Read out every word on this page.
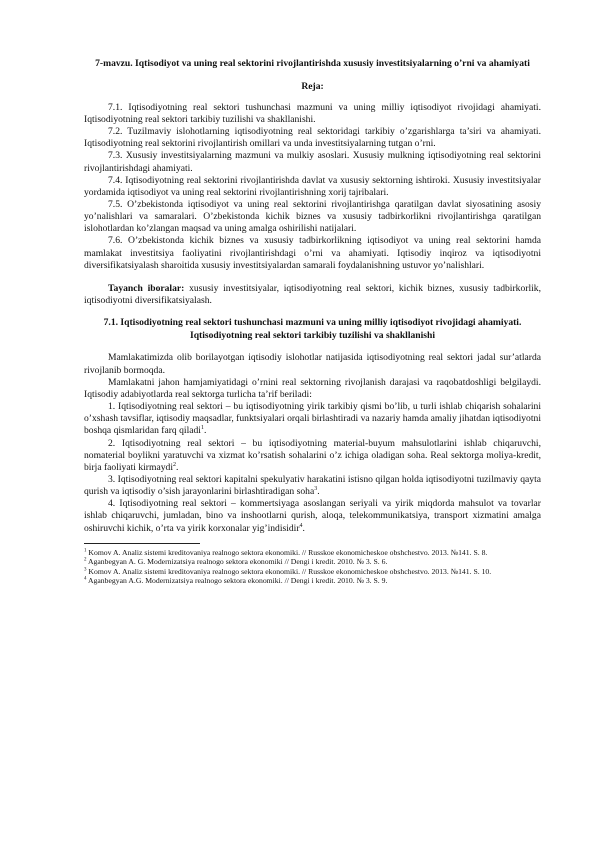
7-mavzu. Iqtisodiyot va uning real sektorini rivojlantirishda xususiy investitsiyalarning o’rni va ahamiyati

Reja:

7.1. Iqtisodiyotning real sektori tushunchasi mazmuni va uning milliy iqtisodiyot rivojidagi ahamiyati. Iqtisodiyotning real sektori tarkibiy tuzilishi va shakllanishi.

7.2. Tuzilmaviy islohotlarning iqtisodiyotning real sektoridagi tarkibiy o’zgarishlarga ta’siri va ahamiyati. Iqtisodiyotning real sektorini rivojlantirish omillari va unda investitsiyalarning tutgan o’rni.

7.3. Xususiy investitsiyalarning mazmuni va mulkiy asoslari. Xususiy mulkning iqtisodiyotning real sektorini rivojlantirishdagi ahamiyati.

7.4. Iqtisodiyotning real sektorini rivojlantirishda davlat va xususiy sektorning ishtiroki. Xususiy investitsiyalar yordamida iqtisodiyot va uning real sektorini rivojlantirishning xorij tajribalari.

7.5. O’zbekistonda iqtisodiyot va uning real sektorini rivojlantirishga qaratilgan davlat siyosatining asosiy yo’nalishlari va samaralari. O’zbekistonda kichik biznes va xususiy tadbirkorlikni rivojlantirishga qaratilgan islohotlardan ko’zlangan maqsad va uning amalga oshirilishi natijalari.

7.6. O’zbekistonda kichik biznes va xususiy tadbirkorlikning iqtisodiyot va uning real sektorini hamda mamlakat investitsiya faoliyatini rivojlantirishdagi o’rni va ahamiyati. Iqtisodiy inqiroz va iqtisodiyotni diversifikatsiyalash sharoitida xususiy investitsiyalardan samarali foydalanishning ustuvor yo’nalishlari.

Tayanch iboralar: xususiy investitsiyalar, iqtisodiyotning real sektori, kichik biznes, xususiy tadbirkorlik, iqtisodiyotni diversifikatsiyalash.

7.1. Iqtisodiyotning real sektori tushunchasi mazmuni va uning milliy iqtisodiyot rivojidagi ahamiyati. Iqtisodiyotning real sektori tarkibiy tuzilishi va shakllanishi

Mamlakatimizda olib borilayotgan iqtisodiy islohotlar natijasida iqtisodiyotning real sektori jadal sur’atlarda rivojlanib bormoqda.

Mamlakatni jahon hamjamiyatidagi o’rnini real sektorning rivojlanish darajasi va raqobatdoshligi belgilaydi. Iqtisodiy adabiyotlarda real sektorga turlicha ta’rif beriladi:

1. Iqtisodiyotning real sektori – bu iqtisodiyotning yirik tarkibiy qismi bo’lib, u turli ishlab chiqarish sohalarini o’xshash tavsiflar, iqtisodiy maqsadlar, funktsiyalari orqali birlashtiradi va nazariy hamda amaliy jihatdan iqtisodiyotni boshqa qismlaridan farq qiladi$^1$.

2. Iqtisodiyotning real sektori – bu iqtisodiyotning material-buyum mahsulotlarini ishlab chiqaruvchi, nomaterial boylikni yaratuvchi va xizmat ko’rsatish sohalarini o’z ichiga oladigan soha. Real sektorga moliya-kredit, birja faoliyati kirmaydi$^2$.

3. Iqtisodiyotning real sektori kapitalni spekulyativ harakatini istisno qilgan holda iqtisodiyotni tuzilmaviy qayta qurish va iqtisodiy o’sish jarayonlarini birlashtiradigan soha$^3$.

4. Iqtisodiyotning real sektori – kommertsiyaga asoslangan seriyali va yirik miqdorda mahsulot va tovarlar ishlab chiqaruvchi, jumladan, bino va inshootlarni qurish, aloqa, telekommunikatsiya, transport xizmatini amalga oshiruvchi kichik, o’rta va yirik korxonalar yig’indisidir$^4$.

$^1$ Komov A. Analiz sistemi kreditovaniya realnogo sektora ekonomiki. // Russkoe ekonomicheskoe obshchestvo. 2013. №141. S. 8.

$^2$ Aganbegyan A. G. Modernizatsiya realnogo sektora ekonomiki // Dengi i kredit. 2010. № 3. S. 6.

$^3$ Komov A. Analiz sistemi kreditovaniya realnogo sektora ekonomiki. // Russkoe ekonomicheskoe obshchestvo. 2013. №141. S. 10.

$^4$ Aganbegyan A.G. Modernizatsiya realnogo sektora ekonomiki. // Dengi i kredit. 2010. № 3. S. 9.
